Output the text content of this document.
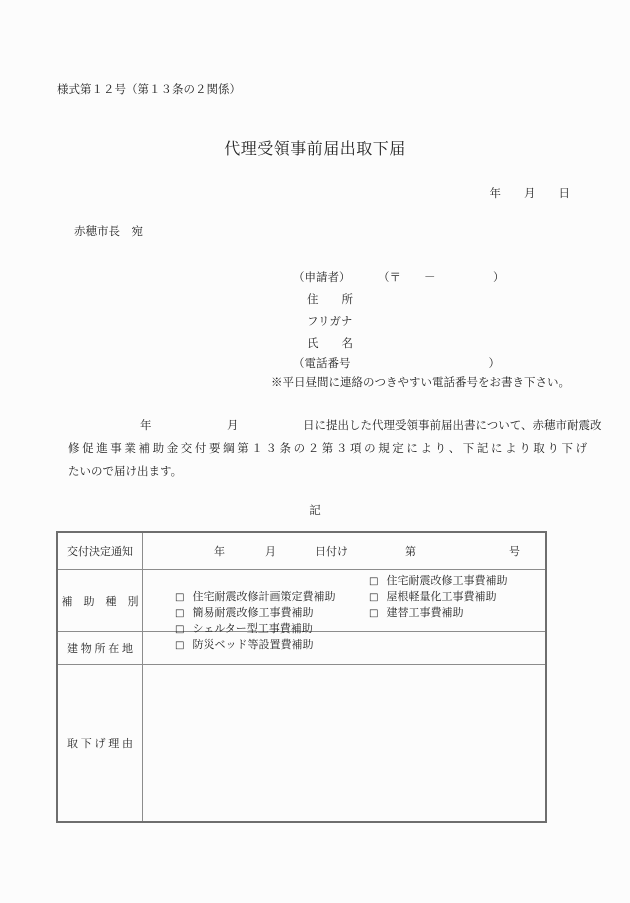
様式第１２号（第１３条の２関係）
代理受領事前届出取下届
年　　月　　日
赤穂市長　宛
（申請者） （〒　　－　　　　　）
住　　所
フリガナ
氏　　名
（電話番号　　　　　　　　　　　　）
※平日昼間に連絡のつきやすい電話番号をお書き下さい。
年	月	日に提出した代理受領事前届出書について、赤穂市耐震改
修促進事業補助金交付要綱第１３条の２第３項の規定により、下記により取り下げ
たいので届け出ます。
記
交付決定通知	年	月	日付け	第	号
補　助　種　別	□ 住宅耐震改修計画策定費補助

□ 住宅耐震改修工事費補助

□ 簡易耐震改修工事費補助

□ 屋根軽量化工事費補助

□ シェルター型工事費補助

□ 建替工事費補助

□ 防災ベッド等設置費補助

建 物 所 在 地
取 下 げ 理 由
